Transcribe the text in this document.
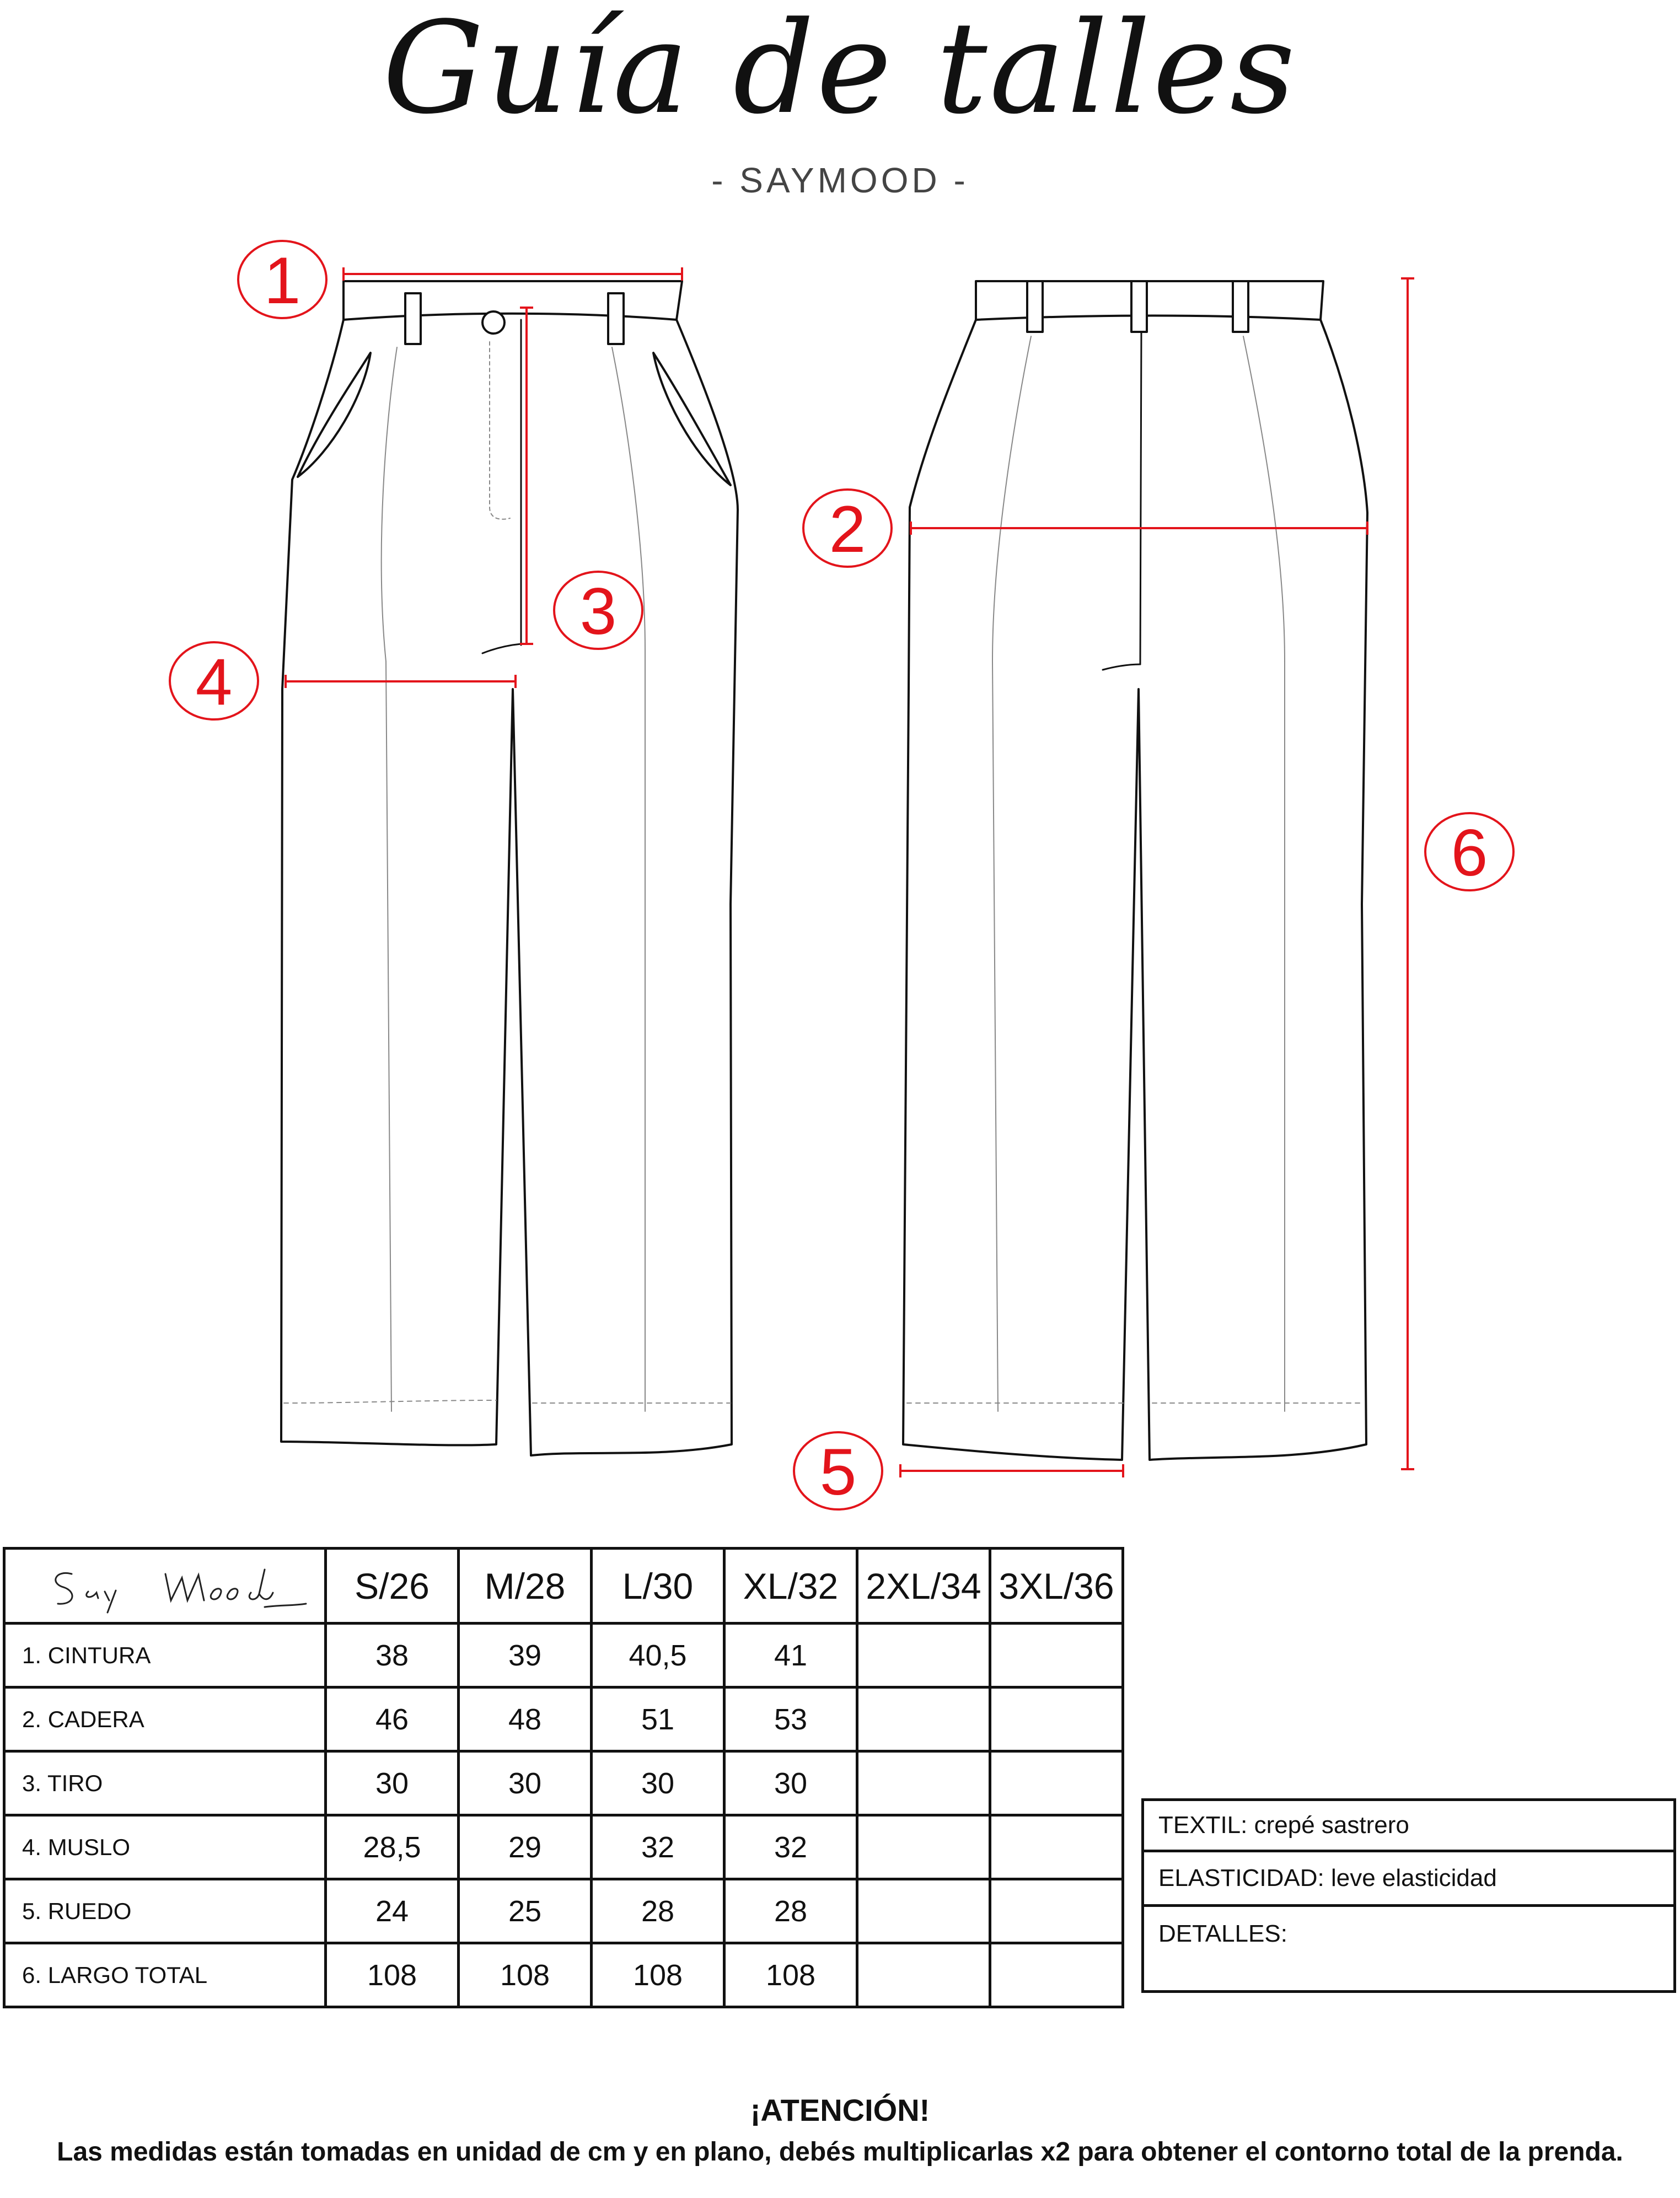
Guía de talles
- SAYMOOD -
1
2
3
4
5
6
	S/26	M/28	L/30	XL/32	2XL/34	3XL/36
1. CINTURA	38	39	40,5	41		
2. CADERA	46	48	51	53		
3. TIRO	30	30	30	30		
4. MUSLO	28,5	29	32	32		
5. RUEDO	24	25	28	28		
6. LARGO TOTAL	108	108	108	108		
TEXTIL: crepé sastrero
ELASTICIDAD: leve elasticidad
DETALLES:
¡ATENCIÓN!
Las medidas están tomadas en unidad de cm y en plano, debés multiplicarlas x2 para obtener el contorno total de la prenda.
